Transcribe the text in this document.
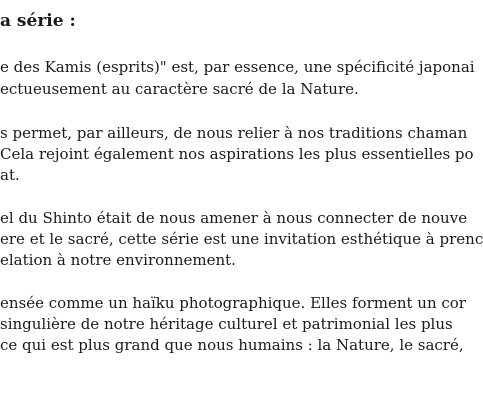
a série :
e des Kamis (esprits)" est, par essence, une spécificité japonai
ectueusement au caractère sacré de la Nature.
s permet, par ailleurs, de nous relier à nos traditions chaman
Cela rejoint également nos aspirations les plus essentielles po
at.
el du Shinto était de nous amener à nous connecter de nouve
ere et le sacré, cette série est une invitation esthétique à prenc
elation à notre environnement.
ensée comme un haïku photographique. Elles forment un cor
singulière de notre héritage culturel et patrimonial les plus
ce qui est plus grand que nous humains : la Nature, le sacré,
